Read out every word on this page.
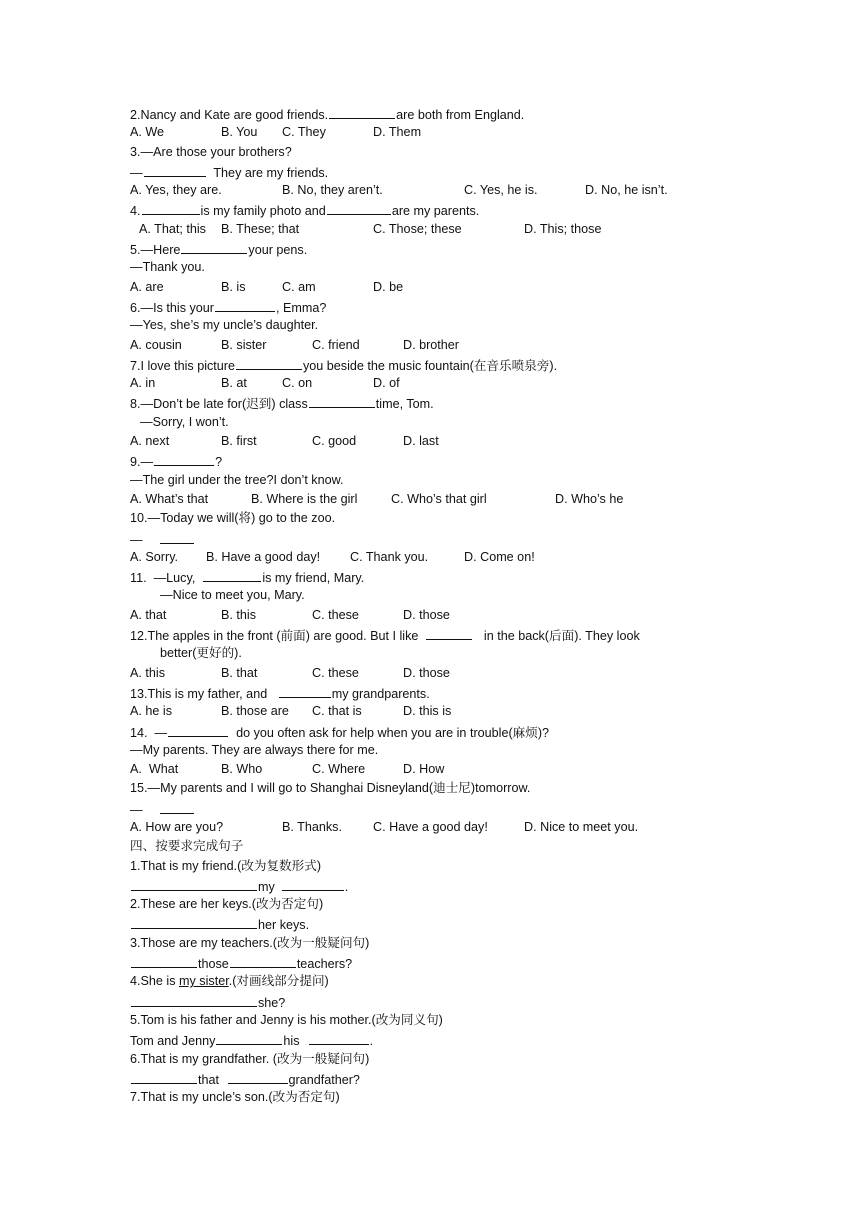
2.Nancy and Kate are good friends.	are both from England.
A. We	B. You C. They	D. Them
3.—Are those your brothers?
—	They are my friends.
A. Yes, they are.	B. No, they aren’t.	C. Yes, he is.	D. No, he isn’t.
4.	is my family photo and	are my parents.
A. That; this B. These; that	C. Those; these	D. This; those
5.—Here	your pens.
—Thank you.
A. are	B. is	C. am	D. be
6.—Is this your	, Emma?
—Yes, she’s my uncle’s daughter.
A. cousin	B. sister	C. friend	D. brother
7.I love this picture	you beside the music fountain(在音乐喷泉旁).
A. in	B. at	C. on	D. of
8.—Don’t be late for(迟到) class	time, Tom.
—Sorry, I won’t.
A. next	B. first	C. good	D. last
9.—	?
—The girl under the tree?I don’t know.
A. What’s that	B. Where is the girl	C. Who’s that girl	D. Who’s he
10.—Today we will(将) go to the zoo.
—
A. Sorry. B. Have a good day! C. Thank you.	D. Come on!
11.  —Lucy,	is my friend, Mary.
—Nice to meet you, Mary.
A. that	B. this	C. these	D. those
12.The apples in the front (前面) are good. But I like	in the back(后面). They look
better(更好的).
A. this	B. that	C. these	D. those
13.This is my father, and	my grandparents.
A. he is	B. those are C. that is	D. this is
14.  —	do you often ask for help when you are in trouble(麻烦)?
—My parents. They are always there for me.
A.  What	B. Who	C. Where	D. How
15.—My parents and I will go to Shanghai Disneyland(迪士尼)tomorrow.
—
A. How are you?	B. Thanks. C. Have a good day!	D. Nice to meet you.
四、按要求完成句子
1.That is my friend.(改为复数形式)
my	.
2.These are her keys.(改为否定句)
her keys.
3.Those are my teachers.(改为一般疑问句)
those	teachers?
4.She is my sister.(对画线部分提问)
she?
5.Tom is his father and Jenny is his mother.(改为同义句)
Tom and Jenny	his	.
6.That is my grandfather. (改为一般疑问句)
that	grandfather?
7.That is my uncle’s son.(改为否定句)
